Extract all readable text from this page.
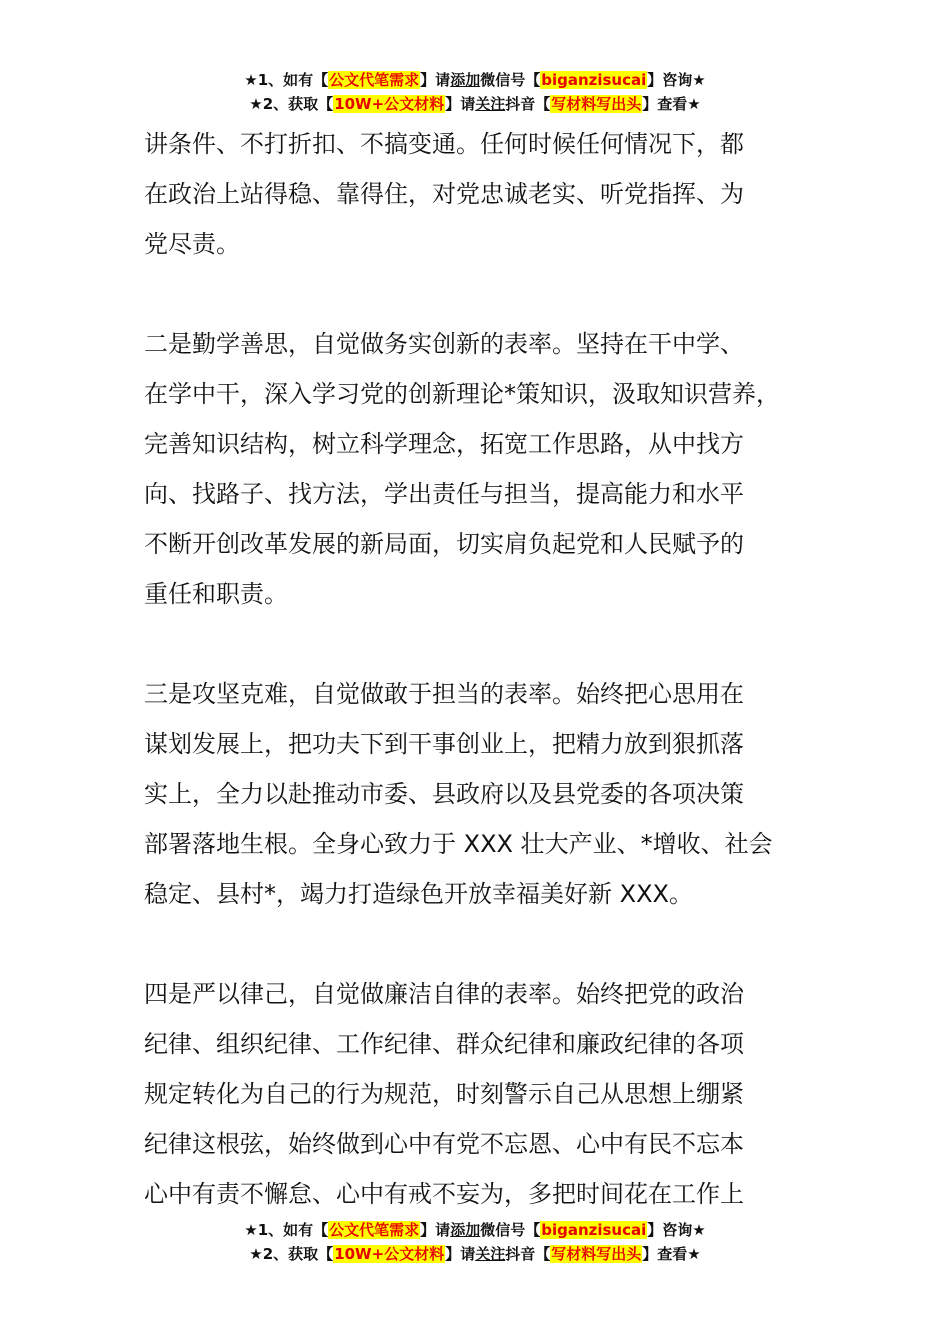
★1、如有【公文代笔需求】请添加微信号【biganzisucai】咨询★
★2、获取【10W+公文材料】请关注抖音【写材料写出头】查看★

讲条件、不打折扣、不搞变通。任何时候任何情况下，都
在政治上站得稳、靠得住，对党忠诚老实、听党指挥、为
党尽责。

二是勤学善思，自觉做务实创新的表率。坚持在干中学、
在学中干，深入学习党的创新理论*策知识，汲取知识营养，
完善知识结构，树立科学理念，拓宽工作思路，从中找方
向、找路子、找方法，学出责任与担当，提高能力和水平
不断开创改革发展的新局面，切实肩负起党和人民赋予的
重任和职责。

三是攻坚克难，自觉做敢于担当的表率。始终把心思用在
谋划发展上，把功夫下到干事创业上，把精力放到狠抓落
实上，全力以赴推动市委、县政府以及县党委的各项决策
部署落地生根。全身心致力于 XXX 壮大产业、*增收、社会
稳定、县村*，竭力打造绿色开放幸福美好新 XXX。

四是严以律己，自觉做廉洁自律的表率。始终把党的政治
纪律、组织纪律、工作纪律、群众纪律和廉政纪律的各项
规定转化为自己的行为规范，时刻警示自己从思想上绷紧
纪律这根弦，始终做到心中有党不忘恩、心中有民不忘本
心中有责不懈怠、心中有戒不妄为，多把时间花在工作上

★1、如有【公文代笔需求】请添加微信号【biganzisucai】咨询★
★2、获取【10W+公文材料】请关注抖音【写材料写出头】查看★
